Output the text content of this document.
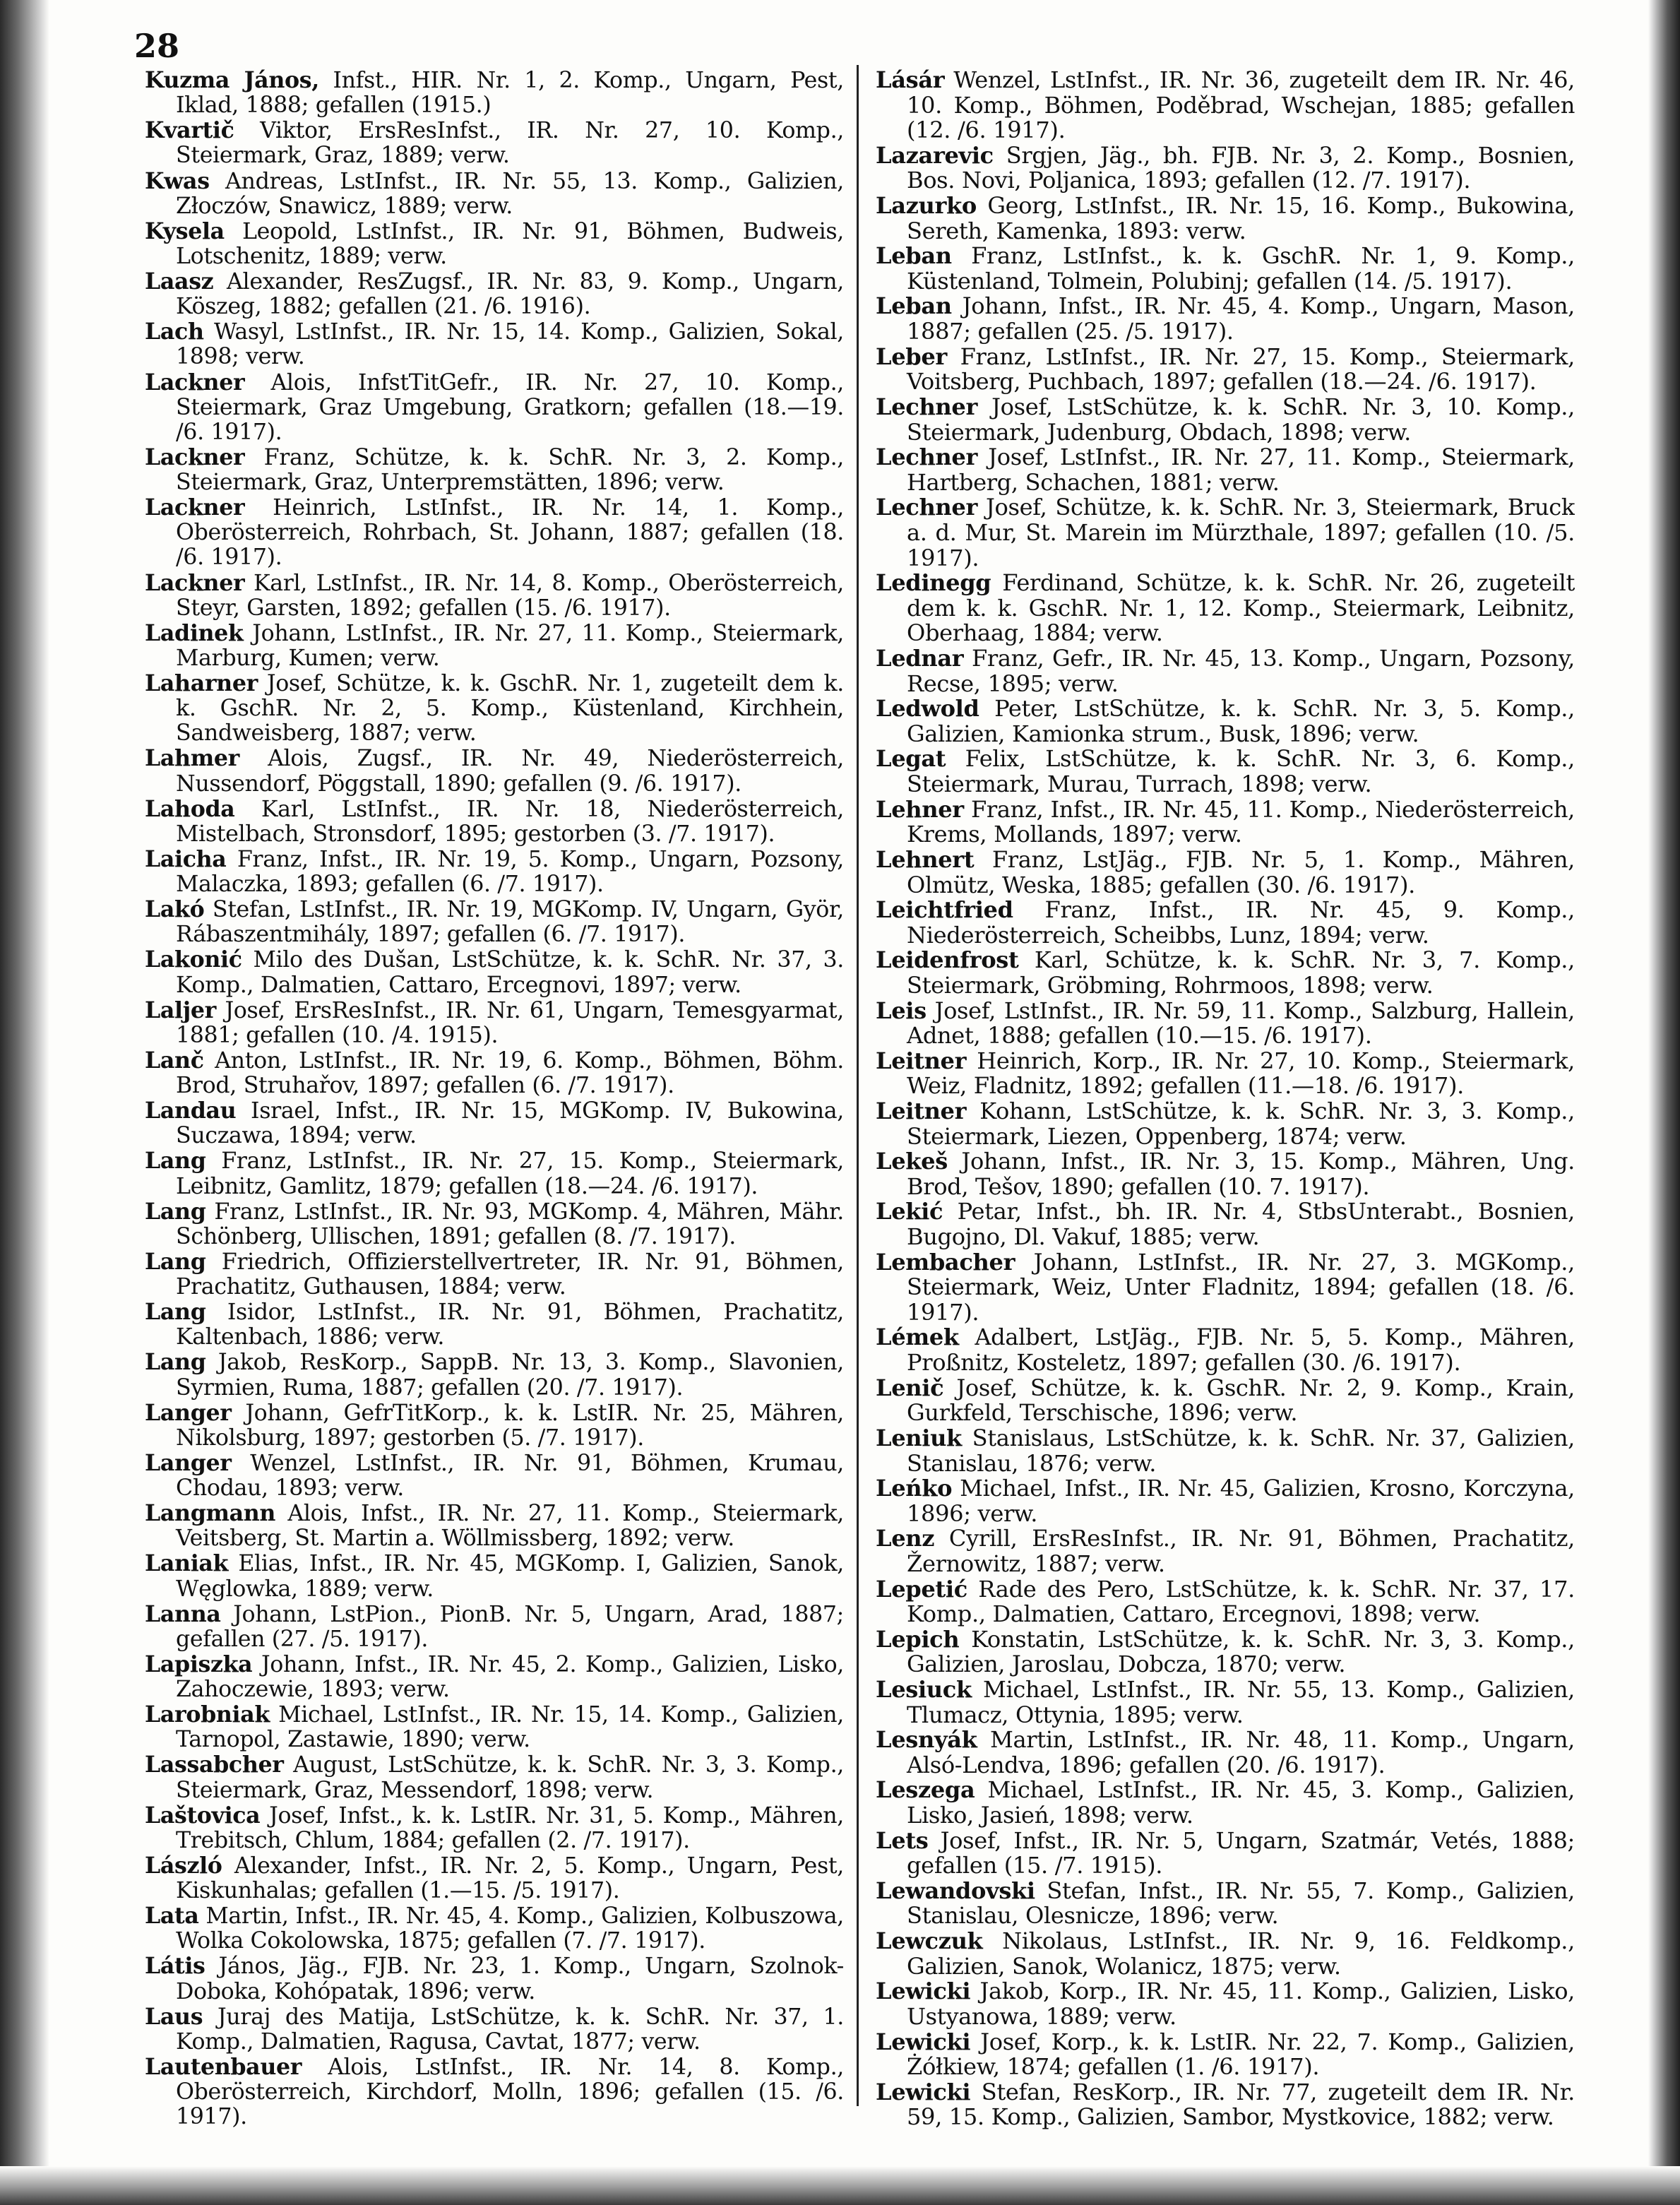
28
Kuzma János, Infst., HIR. Nr. 1, 2. Komp., Ungarn, Pest, Iklad, 1888; gefallen (1915.)
Kvartič Viktor, ErsResInfst., IR. Nr. 27, 10. Komp., Steiermark, Graz, 1889; verw.
Kwas Andreas, LstInfst., IR. Nr. 55, 13. Komp., Galizien, Złoczów, Snawicz, 1889; verw.
Kysela Leopold, LstInfst., IR. Nr. 91, Böhmen, Budweis, Lotschenitz, 1889; verw.
Laasz Alexander, ResZugsf., IR. Nr. 83, 9. Komp., Ungarn, Köszeg, 1882; gefallen (21. /6. 1916).
Lach Wasyl, LstInfst., IR. Nr. 15, 14. Komp., Galizien, Sokal, 1898; verw.
Lackner Alois, InfstTitGefr., IR. Nr. 27, 10. Komp., Steiermark, Graz Umgebung, Gratkorn; gefallen (18.—19. /6. 1917).
Lackner Franz, Schütze, k. k. SchR. Nr. 3, 2. Komp., Steiermark, Graz, Unterpremstätten, 1896; verw.
Lackner Heinrich, LstInfst., IR. Nr. 14, 1. Komp., Oberösterreich, Rohrbach, St. Johann, 1887; gefallen (18. /6. 1917).
Lackner Karl, LstInfst., IR. Nr. 14, 8. Komp., Oberösterreich, Steyr, Garsten, 1892; gefallen (15. /6. 1917).
Ladinek Johann, LstInfst., IR. Nr. 27, 11. Komp., Steiermark, Marburg, Kumen; verw.
Laharner Josef, Schütze, k. k. GschR. Nr. 1, zugeteilt dem k. k. GschR. Nr. 2, 5. Komp., Küstenland, Kirchhein, Sandweisberg, 1887; verw.
Lahmer Alois, Zugsf., IR. Nr. 49, Niederösterreich, Nussendorf, Pöggstall, 1890; gefallen (9. /6. 1917).
Lahoda Karl, LstInfst., IR. Nr. 18, Niederösterreich, Mistelbach, Stronsdorf, 1895; gestorben (3. /7. 1917).
Laicha Franz, Infst., IR. Nr. 19, 5. Komp., Ungarn, Pozsony, Malaczka, 1893; gefallen (6. /7. 1917).
Lakó Stefan, LstInfst., IR. Nr. 19, MGKomp. IV, Ungarn, Györ, Rábaszentmihály, 1897; gefallen (6. /7. 1917).
Lakonić Milo des Dušan, LstSchütze, k. k. SchR. Nr. 37, 3. Komp., Dalmatien, Cattaro, Ercegnovi, 1897; verw.
Laljer Josef, ErsResInfst., IR. Nr. 61, Ungarn, Temesgyarmat, 1881; gefallen (10. /4. 1915).
Lanč Anton, LstInfst., IR. Nr. 19, 6. Komp., Böhmen, Böhm. Brod, Struhařov, 1897; gefallen (6. /7. 1917).
Landau Israel, Infst., IR. Nr. 15, MGKomp. IV, Bukowina, Suczawa, 1894; verw.
Lang Franz, LstInfst., IR. Nr. 27, 15. Komp., Steiermark, Leibnitz, Gamlitz, 1879; gefallen (18.—24. /6. 1917).
Lang Franz, LstInfst., IR. Nr. 93, MGKomp. 4, Mähren, Mähr. Schönberg, Ullischen, 1891; gefallen (8. /7. 1917).
Lang Friedrich, Offizierstellvertreter, IR. Nr. 91, Böhmen, Prachatitz, Guthausen, 1884; verw.
Lang Isidor, LstInfst., IR. Nr. 91, Böhmen, Prachatitz, Kaltenbach, 1886; verw.
Lang Jakob, ResKorp., SappB. Nr. 13, 3. Komp., Slavonien, Syrmien, Ruma, 1887; gefallen (20. /7. 1917).
Langer Johann, GefrTitKorp., k. k. LstIR. Nr. 25, Mähren, Nikolsburg, 1897; gestorben (5. /7. 1917).
Langer Wenzel, LstInfst., IR. Nr. 91, Böhmen, Krumau, Chodau, 1893; verw.
Langmann Alois, Infst., IR. Nr. 27, 11. Komp., Steiermark, Veitsberg, St. Martin a. Wöllmissberg, 1892; verw.
Laniak Elias, Infst., IR. Nr. 45, MGKomp. I, Galizien, Sanok, Węglowka, 1889; verw.
Lanna Johann, LstPion., PionB. Nr. 5, Ungarn, Arad, 1887; gefallen (27. /5. 1917).
Lapiszka Johann, Infst., IR. Nr. 45, 2. Komp., Galizien, Lisko, Zahoczewie, 1893; verw.
Larobniak Michael, LstInfst., IR. Nr. 15, 14. Komp., Galizien, Tarnopol, Zastawie, 1890; verw.
Lassabcher August, LstSchütze, k. k. SchR. Nr. 3, 3. Komp., Steiermark, Graz, Messendorf, 1898; verw.
Laštovica Josef, Infst., k. k. LstIR. Nr. 31, 5. Komp., Mähren, Trebitsch, Chlum, 1884; gefallen (2. /7. 1917).
László Alexander, Infst., IR. Nr. 2, 5. Komp., Ungarn, Pest, Kiskunhalas; gefallen (1.—15. /5. 1917).
Lata Martin, Infst., IR. Nr. 45, 4. Komp., Galizien, Kolbuszowa, Wolka Cokolowska, 1875; gefallen (7. /7. 1917).
Látis János, Jäg., FJB. Nr. 23, 1. Komp., Ungarn, Szolnok-Doboka, Kohópatak, 1896; verw.
Laus Juraj des Matija, LstSchütze, k. k. SchR. Nr. 37, 1. Komp., Dalmatien, Ragusa, Cavtat, 1877; verw.
Lautenbauer Alois, LstInfst., IR. Nr. 14, 8. Komp., Oberösterreich, Kirchdorf, Molln, 1896; gefallen (15. /6. 1917).
Lásár Wenzel, LstInfst., IR. Nr. 36, zugeteilt dem IR. Nr. 46, 10. Komp., Böhmen, Poděbrad, Wschejan, 1885; gefallen (12. /6. 1917).
Lazarevic Srgjen, Jäg., bh. FJB. Nr. 3, 2. Komp., Bosnien, Bos. Novi, Poljanica, 1893; gefallen (12. /7. 1917).
Lazurko Georg, LstInfst., IR. Nr. 15, 16. Komp., Bukowina, Sereth, Kamenka, 1893: verw.
Leban Franz, LstInfst., k. k. GschR. Nr. 1, 9. Komp., Küstenland, Tolmein, Polubinj; gefallen (14. /5. 1917).
Leban Johann, Infst., IR. Nr. 45, 4. Komp., Ungarn, Mason, 1887; gefallen (25. /5. 1917).
Leber Franz, LstInfst., IR. Nr. 27, 15. Komp., Steiermark, Voitsberg, Puchbach, 1897; gefallen (18.—24. /6. 1917).
Lechner Josef, LstSchütze, k. k. SchR. Nr. 3, 10. Komp., Steiermark, Judenburg, Obdach, 1898; verw.
Lechner Josef, LstInfst., IR. Nr. 27, 11. Komp., Steiermark, Hartberg, Schachen, 1881; verw.
Lechner Josef, Schütze, k. k. SchR. Nr. 3, Steiermark, Bruck a. d. Mur, St. Marein im Mürzthale, 1897; gefallen (10. /5. 1917).
Ledinegg Ferdinand, Schütze, k. k. SchR. Nr. 26, zugeteilt dem k. k. GschR. Nr. 1, 12. Komp., Steiermark, Leibnitz, Oberhaag, 1884; verw.
Lednar Franz, Gefr., IR. Nr. 45, 13. Komp., Ungarn, Pozsony, Recse, 1895; verw.
Ledwold Peter, LstSchütze, k. k. SchR. Nr. 3, 5. Komp., Galizien, Kamionka strum., Busk, 1896; verw.
Legat Felix, LstSchütze, k. k. SchR. Nr. 3, 6. Komp., Steiermark, Murau, Turrach, 1898; verw.
Lehner Franz, Infst., IR. Nr. 45, 11. Komp., Niederösterreich, Krems, Mollands, 1897; verw.
Lehnert Franz, LstJäg., FJB. Nr. 5, 1. Komp., Mähren, Olmütz, Weska, 1885; gefallen (30. /6. 1917).
Leichtfried Franz, Infst., IR. Nr. 45, 9. Komp., Niederösterreich, Scheibbs, Lunz, 1894; verw.
Leidenfrost Karl, Schütze, k. k. SchR. Nr. 3, 7. Komp., Steiermark, Gröbming, Rohrmoos, 1898; verw.
Leis Josef, LstInfst., IR. Nr. 59, 11. Komp., Salzburg, Hallein, Adnet, 1888; gefallen (10.—15. /6. 1917).
Leitner Heinrich, Korp., IR. Nr. 27, 10. Komp., Steiermark, Weiz, Fladnitz, 1892; gefallen (11.—18. /6. 1917).
Leitner Kohann, LstSchütze, k. k. SchR. Nr. 3, 3. Komp., Steiermark, Liezen, Oppenberg, 1874; verw.
Lekeš Johann, Infst., IR. Nr. 3, 15. Komp., Mähren, Ung. Brod, Tešov, 1890; gefallen (10. 7. 1917).
Lekić Petar, Infst., bh. IR. Nr. 4, StbsUnterabt., Bosnien, Bugojno, Dl. Vakuf, 1885; verw.
Lembacher Johann, LstInfst., IR. Nr. 27, 3. MGKomp., Steiermark, Weiz, Unter Fladnitz, 1894; gefallen (18. /6. 1917).
Lémek Adalbert, LstJäg., FJB. Nr. 5, 5. Komp., Mähren, Proßnitz, Kosteletz, 1897; gefallen (30. /6. 1917).
Lenič Josef, Schütze, k. k. GschR. Nr. 2, 9. Komp., Krain, Gurkfeld, Terschische, 1896; verw.
Leniuk Stanislaus, LstSchütze, k. k. SchR. Nr. 37, Galizien, Stanislau, 1876; verw.
Leńko Michael, Infst., IR. Nr. 45, Galizien, Krosno, Korczyna, 1896; verw.
Lenz Cyrill, ErsResInfst., IR. Nr. 91, Böhmen, Prachatitz, Žernowitz, 1887; verw.
Lepetić Rade des Pero, LstSchütze, k. k. SchR. Nr. 37, 17. Komp., Dalmatien, Cattaro, Ercegnovi, 1898; verw.
Lepich Konstatin, LstSchütze, k. k. SchR. Nr. 3, 3. Komp., Galizien, Jaroslau, Dobcza, 1870; verw.
Lesiuck Michael, LstInfst., IR. Nr. 55, 13. Komp., Galizien, Tlumacz, Ottynia, 1895; verw.
Lesnyák Martin, LstInfst., IR. Nr. 48, 11. Komp., Ungarn, Alsó-Lendva, 1896; gefallen (20. /6. 1917).
Leszega Michael, LstInfst., IR. Nr. 45, 3. Komp., Galizien, Lisko, Jasień, 1898; verw.
Lets Josef, Infst., IR. Nr. 5, Ungarn, Szatmár, Vetés, 1888; gefallen (15. /7. 1915).
Lewandovski Stefan, Infst., IR. Nr. 55, 7. Komp., Galizien, Stanislau, Olesnicze, 1896; verw.
Lewczuk Nikolaus, LstInfst., IR. Nr. 9, 16. Feldkomp., Galizien, Sanok, Wolanicz, 1875; verw.
Lewicki Jakob, Korp., IR. Nr. 45, 11. Komp., Galizien, Lisko, Ustyanowa, 1889; verw.
Lewicki Josef, Korp., k. k. LstIR. Nr. 22, 7. Komp., Galizien, Żółkiew, 1874; gefallen (1. /6. 1917).
Lewicki Stefan, ResKorp., IR. Nr. 77, zugeteilt dem IR. Nr. 59, 15. Komp., Galizien, Sambor, Mystkovice, 1882; verw.
